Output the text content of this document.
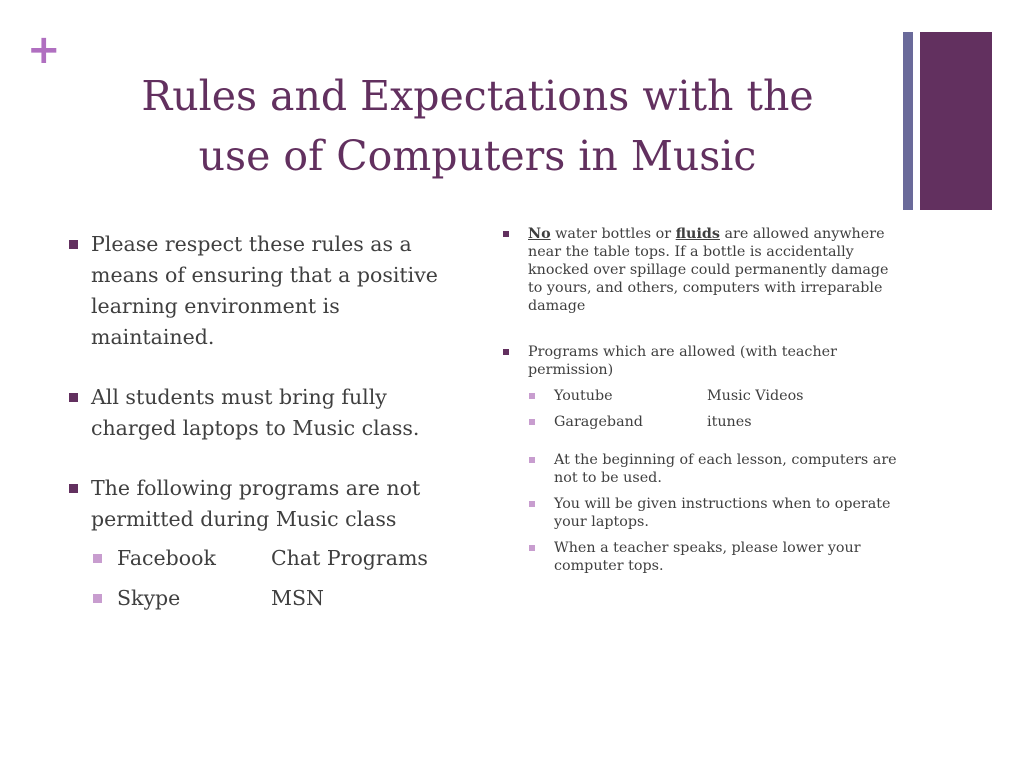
+
Rules and Expectations with the
use of Computers in Music
Please respect these rules as a means of ensuring that a positive learning environment is maintained.
All students must bring fully charged laptops to Music class.
The following programs are not permitted during Music class
Facebook	Chat Programs
Skype	MSN
No water bottles or fluids are allowed anywhere near the table tops. If a bottle is accidentally knocked over spillage could permanently damage to yours, and others, computers with irreparable damage
Programs which are allowed (with teacher permission)
Youtube	Music Videos
Garageband	itunes
At the beginning of each lesson, computers are not to be used.
You will be given instructions when to operate your laptops.
When a teacher speaks, please lower your computer tops.
